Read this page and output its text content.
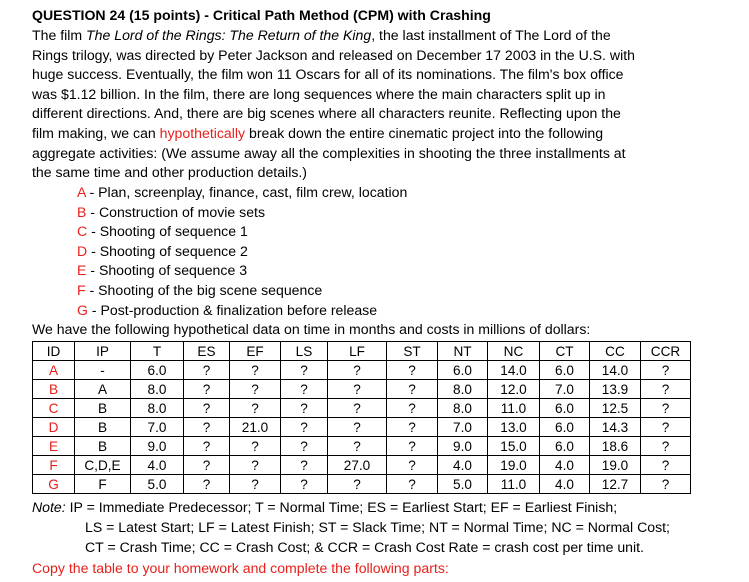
QUESTION 24 (15 points) - Critical Path Method (CPM) with Crashing
The film The Lord of the Rings: The Return of the King, the last installment of The Lord of the
Rings trilogy, was directed by Peter Jackson and released on December 17 2003 in the U.S. with
huge success. Eventually, the film won 11 Oscars for all of its nominations. The film's box office
was $1.12 billion. In the film, there are long sequences where the main characters split up in
different directions. And, there are big scenes where all characters reunite. Reflecting upon the
film making, we can hypothetically break down the entire cinematic project into the following
aggregate activities: (We assume away all the complexities in shooting the three installments at
the same time and other production details.)
A - Plan, screenplay, finance, cast, film crew, location
B - Construction of movie sets
C - Shooting of sequence 1
D - Shooting of sequence 2
E - Shooting of sequence 3
F - Shooting of the big scene sequence
G - Post-production & finalization before release
We have the following hypothetical data on time in months and costs in millions of dollars:
ID	IP	T	ES	EF	LS	LF	ST	NT	NC	CT	CC	CCR
A	-	6.0	?	?	?	?	?	6.0	14.0	6.0	14.0	?
B	A	8.0	?	?	?	?	?	8.0	12.0	7.0	13.9	?
C	B	8.0	?	?	?	?	?	8.0	11.0	6.0	12.5	?
D	B	7.0	?	21.0	?	?	?	7.0	13.0	6.0	14.3	?
E	B	9.0	?	?	?	?	?	9.0	15.0	6.0	18.6	?
F	C,D,E	4.0	?	?	?	27.0	?	4.0	19.0	4.0	19.0	?
G	F	5.0	?	?	?	?	?	5.0	11.0	4.0	12.7	?
Note: IP = Immediate Predecessor; T = Normal Time; ES = Earliest Start; EF = Earliest Finish;
LS = Latest Start; LF = Latest Finish; ST = Slack Time; NT = Normal Time; NC = Normal Cost;
CT = Crash Time; CC = Crash Cost; & CCR = Crash Cost Rate = crash cost per time unit.
Copy the table to your homework and complete the following parts:
